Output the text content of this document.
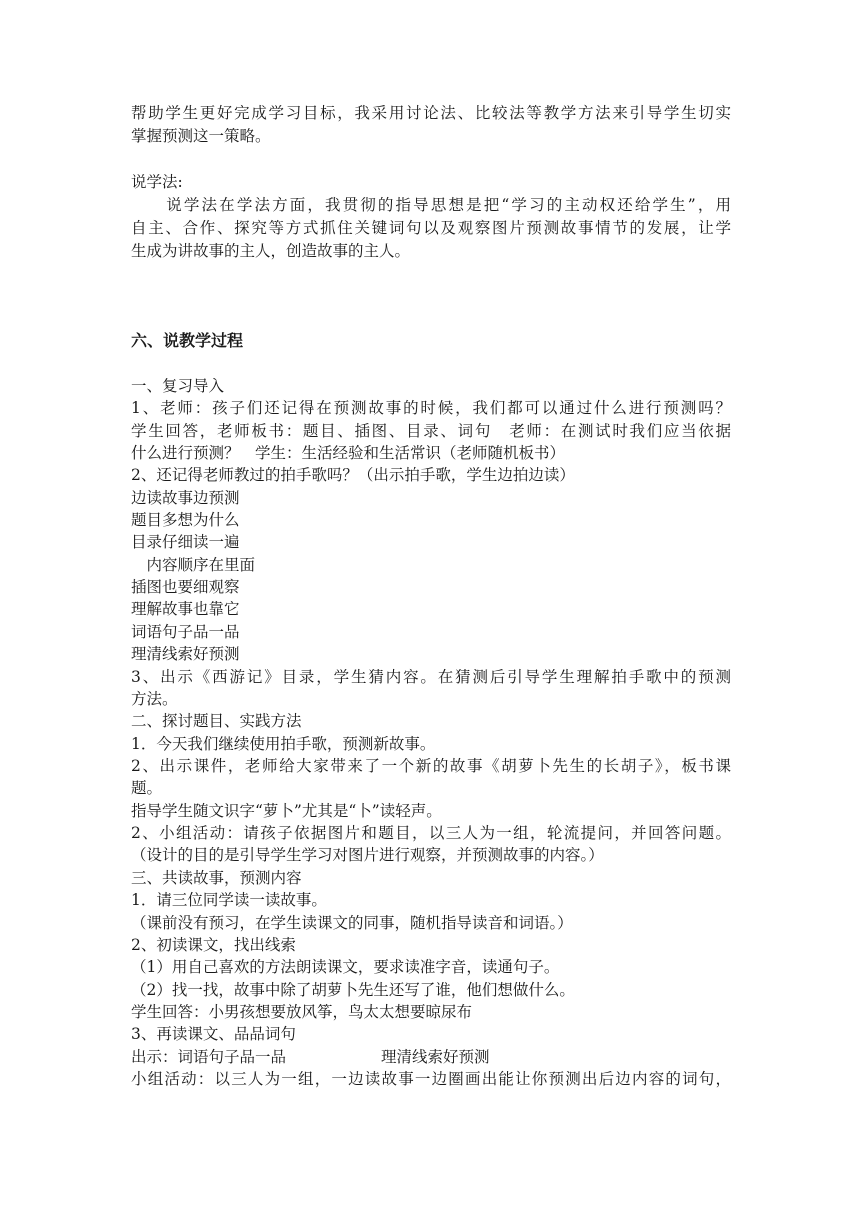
帮助学生更好完成学习目标，我采用讨论法、比较法等教学方法来引导学生切实
掌握预测这一策略。
说学法:
　　说学法在学法方面，我贯彻的指导思想是把“学习的主动权还给学生”，用
自主、合作、探究等方式抓住关键词句以及观察图片预测故事情节的发展，让学
生成为讲故事的主人，创造故事的主人。
六、说教学过程
一、复习导入
1、老师：孩子们还记得在预测故事的时候，我们都可以通过什么进行预测吗？
学生回答，老师板书：题目、插图、目录、词句　老师：在测试时我们应当依据
什么进行预测？　学生：生活经验和生活常识（老师随机板书）
2、还记得老师教过的拍手歌吗？（出示拍手歌，学生边拍边读）
边读故事边预测
题目多想为什么
目录仔细读一遍
　内容顺序在里面
插图也要细观察
理解故事也靠它
词语句子品一品
理清线索好预测
3、出示《西游记》目录，学生猜内容。在猜测后引导学生理解拍手歌中的预测
方法。
二、探讨题目、实践方法
1．今天我们继续使用拍手歌，预测新故事。
2、出示课件，老师给大家带来了一个新的故事《胡萝卜先生的长胡子》，板书课
题。
指导学生随文识字“萝卜”尤其是“卜”读轻声。
2、小组活动：请孩子依据图片和题目，以三人为一组，轮流提问，并回答问题。
（设计的目的是引导学生学习对图片进行观察，并预测故事的内容。）
三、共读故事，预测内容
1．请三位同学读一读故事。
（课前没有预习，在学生读课文的同事，随机指导读音和词语。）
2、初读课文，找出线索
（1）用自己喜欢的方法朗读课文，要求读准字音，读通句子。
（2）找一找，故事中除了胡萝卜先生还写了谁，他们想做什么。
学生回答：小男孩想要放风筝，鸟太太想要晾尿布
3、再读课文、品品词句
出示：词语句子品一品	理清线索好预测
小组活动：以三人为一组，一边读故事一边圈画出能让你预测出后边内容的词句，
